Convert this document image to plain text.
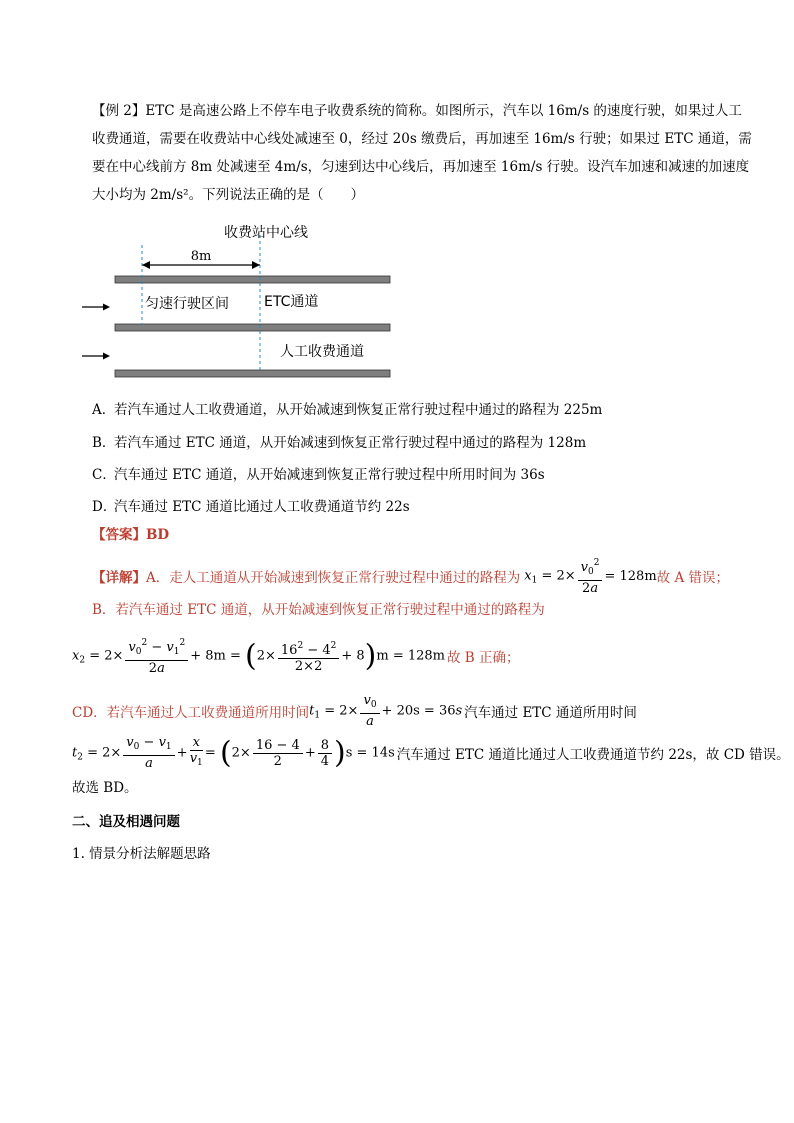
【例 2】ETC 是高速公路上不停车电子收费系统的简称。如图所示，汽车以 16m/s 的速度行驶，如果过人工
收费通道，需要在收费站中心线处减速至 0，经过 20s 缴费后，再加速至 16m/s 行驶；如果过 ETC 通道，需
要在中心线前方 8m 处减速至 4m/s，匀速到达中心线后，再加速至 16m/s 行驶。设汽车加速和减速的加速度
大小均为 2m/s²。下列说法正确的是（　　）
收费站中心线
8m
匀速行驶区间	ETC通道
人工收费通道
A．若汽车通过人工收费通道，从开始减速到恢复正常行驶过程中通过的路程为 225m
B．若汽车通过 ETC 通道，从开始减速到恢复正常行驶过程中通过的路程为 128m
C．汽车通过 ETC 通道，从开始减速到恢复正常行驶过程中所用时间为 36s
D．汽车通过 ETC 通道比通过人工收费通道节约 22s
【答案】BD
【详解】 A．走人工通道从开始减速到恢复正常行驶过程中通过的路程为 $x_1 = 2\times \frac{v_0^2}{2a} = 128m$ 故 A 错误；
B．若汽车通过 ETC 通道，从开始减速到恢复正常行驶过程中通过的路程为
$x_2 = 2\times \frac{v_0^2 - v_1^2}{2a} + 8m = (2\times \frac{16^2 - 4^2}{2\times 2} + 8)m = 128m$ 故 B 正确；
CD．若汽车通过人工收费通道所用时间 $t_1 = 2\times \frac{v_0}{a} + 20s = 36s$ 汽车通过 ETC 通道所用时间
$t_2 = 2\times \frac{v_0 - v_1}{a} + \frac{x}{v_1} = (2\times \frac{16 - 4}{2} + \frac{8}{4} )s = 14s$ 汽车通过 ETC 通道比通过人工收费通道节约 22s，故 CD 错误。
故选 BD。
二、追及相遇问题
1. 情景分析法解题思路
